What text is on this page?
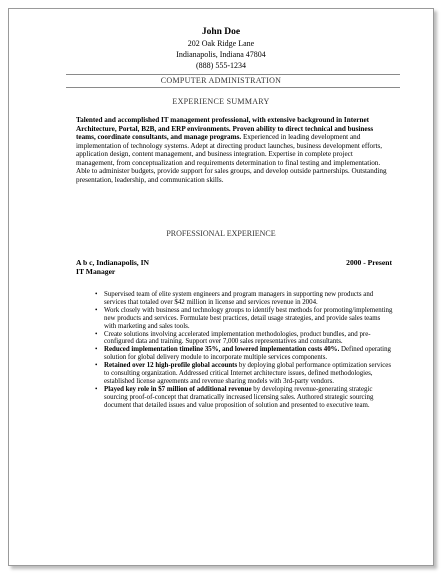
John Doe
202 Oak Ridge Lane
Indianapolis, Indiana 47804
(888) 555-1234
COMPUTER ADMINISTRATION
EXPERIENCE SUMMARY
Talented and accomplished IT management professional, with extensive background in Internet Architecture, Portal, B2B, and ERP environments. Proven ability to direct technical and business teams, coordinate consultants, and manage programs. Experienced in leading development and implementation of technology systems. Adept at directing product launches, business development efforts, application design, content management, and business integration. Expertise in complete project management, from conceptualization and requirements determination to final testing and implementation. Able to administer budgets, provide support for sales groups, and develop outside partnerships. Outstanding presentation, leadership, and communication skills.
PROFESSIONAL EXPERIENCE
A b c, Indianapolis, IN	2000 - Present
IT Manager
• Supervised team of elite system engineers and program managers in supporting new products and services that totaled over $42 million in license and services revenue in 2004.
• Work closely with business and technology groups to identify best methods for promoting/implementing new products and services. Formulate best practices, detail usage strategies, and provide sales teams with marketing and sales tools.
• Create solutions involving accelerated implementation methodologies, product bundles, and pre-configured data and training. Support over 7,000 sales representatives and consultants.
• Reduced implementation timeline 35%, and lowered implementation costs 40%. Defined operating solution for global delivery module to incorporate multiple services components.
• Retained over 12 high-profile global accounts by deploying global performance optimization services to consulting organization. Addressed critical Internet architecture issues, defined methodologies, established license agreements and revenue sharing models with 3rd-party vendors.
• Played key role in $7 million of additional revenue by developing revenue-generating strategic sourcing proof-of-concept that dramatically increased licensing sales. Authored strategic sourcing document that detailed issues and value proposition of solution and presented to executive team.
